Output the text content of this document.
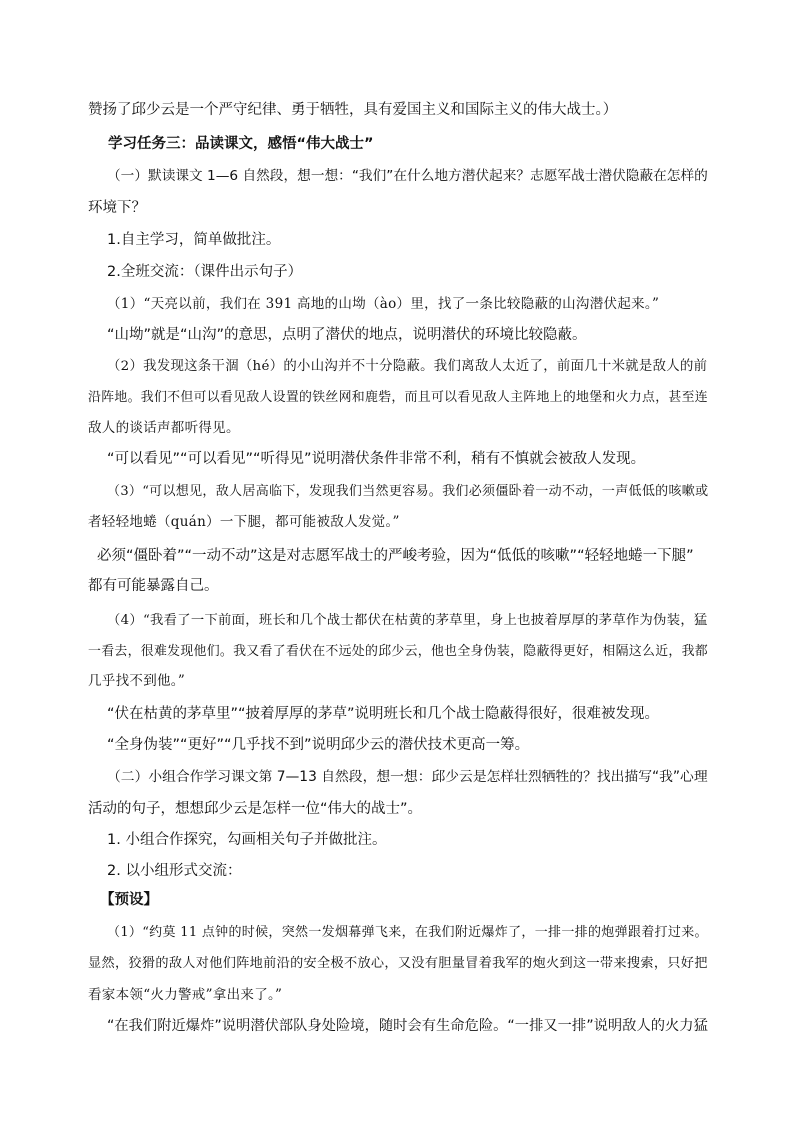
赞扬了邱少云是一个严守纪律、勇于牺牲，具有爱国主义和国际主义的伟大战士。）
学习任务三：品读课文，感悟“伟大战士”
（一）默读课文 1—6 自然段，想一想：“我们”在什么地方潜伏起来？志愿军战士潜伏隐蔽在怎样的
环境下？
1.自主学习，简单做批注。
2.全班交流：（课件出示句子）
（1）“天亮以前，我们在 391 高地的山坳（ào）里，找了一条比较隐蔽的山沟潜伏起来。”
“山坳”就是“山沟”的意思，点明了潜伏的地点，说明潜伏的环境比较隐蔽。
（2）我发现这条干涸（hé）的小山沟并不十分隐蔽。我们离敌人太近了，前面几十米就是敌人的前
沿阵地。我们不但可以看见敌人设置的铁丝网和鹿砦，而且可以看见敌人主阵地上的地堡和火力点，甚至连
敌人的谈话声都听得见。
“可以看见”“可以看见”“听得见”说明潜伏条件非常不利，稍有不慎就会被敌人发现。
（3）“可以想见，敌人居高临下，发现我们当然更容易。我们必须僵卧着一动不动，一声低低的咳嗽或
者轻轻地蜷（quán）一下腿，都可能被敌人发觉。”
必须“僵卧着”“一动不动”这是对志愿军战士的严峻考验，因为“低低的咳嗽”“轻轻地蜷一下腿”
都有可能暴露自己。
（4）“我看了一下前面，班长和几个战士都伏在枯黄的茅草里，身上也披着厚厚的茅草作为伪装，猛
一看去，很难发现他们。我又看了看伏在不远处的邱少云，他也全身伪装，隐蔽得更好，相隔这么近，我都
几乎找不到他。”
“伏在枯黄的茅草里”“披着厚厚的茅草”说明班长和几个战士隐蔽得很好，很难被发现。
“全身伪装”“更好”“几乎找不到”说明邱少云的潜伏技术更高一筹。
（二）小组合作学习课文第 7—13 自然段，想一想：邱少云是怎样壮烈牺牲的？找出描写“我”心理
活动的句子，想想邱少云是怎样一位“伟大的战士”。
1. 小组合作探究，勾画相关句子并做批注。
2. 以小组形式交流：
【预设】
（1）“约莫 11 点钟的时候，突然一发烟幕弹飞来，在我们附近爆炸了，一排一排的炮弹跟着打过来。
显然，狡猾的敌人对他们阵地前沿的安全极不放心，又没有胆量冒着我军的炮火到这一带来搜索，只好把
看家本领“火力警戒”拿出来了。”
“在我们附近爆炸”说明潜伏部队身处险境，随时会有生命危险。“一排又一排”说明敌人的火力猛
